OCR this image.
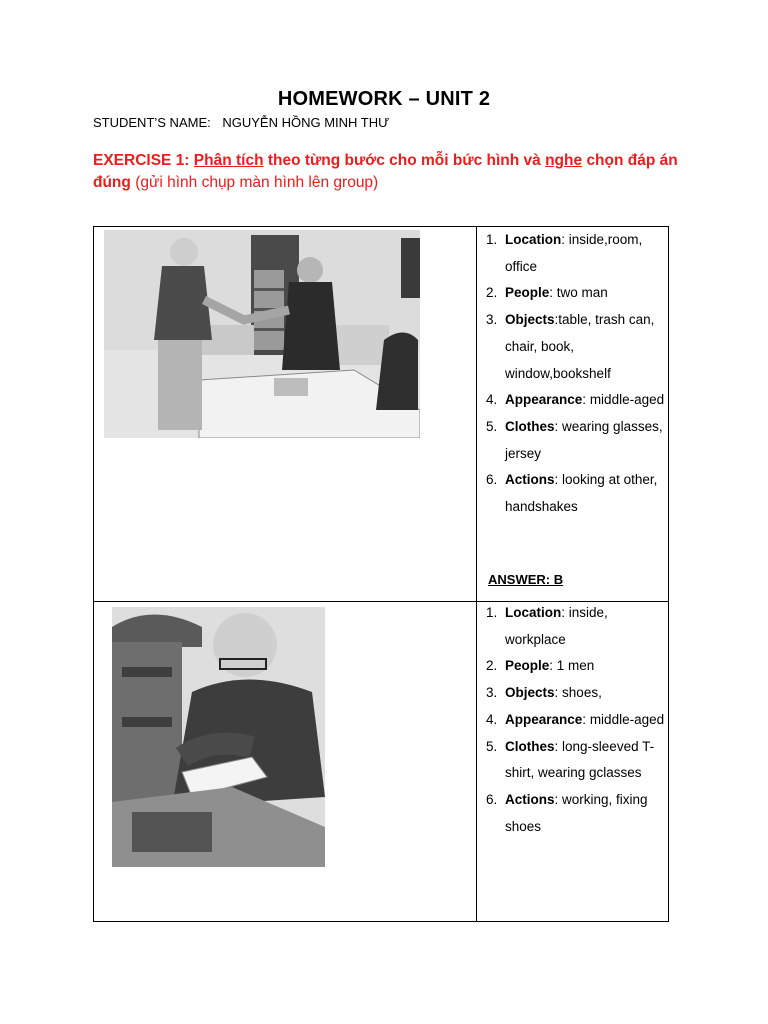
HOMEWORK – UNIT 2
STUDENT’S NAME: NGUYỄN HỒNG MINH THƯ
EXERCISE 1: Phân tích theo từng bước cho mỗi bức hình và nghe chọn đáp án đúng (gửi hình chụp màn hình lên group)
1. Location: inside,room, office
2. People: two man
3. Objects:table, trash can, chair, book, window,bookshelf
4. Appearance: middle-aged
5. Clothes: wearing glasses, jersey
6. Actions: looking at other, handshakes
ANSWER: B
1. Location: inside, workplace
2. People: 1 men
3. Objects: shoes,
4. Appearance: middle-aged
5. Clothes: long-sleeved T-shirt, wearing gclasses
6. Actions: working, fixing shoes
